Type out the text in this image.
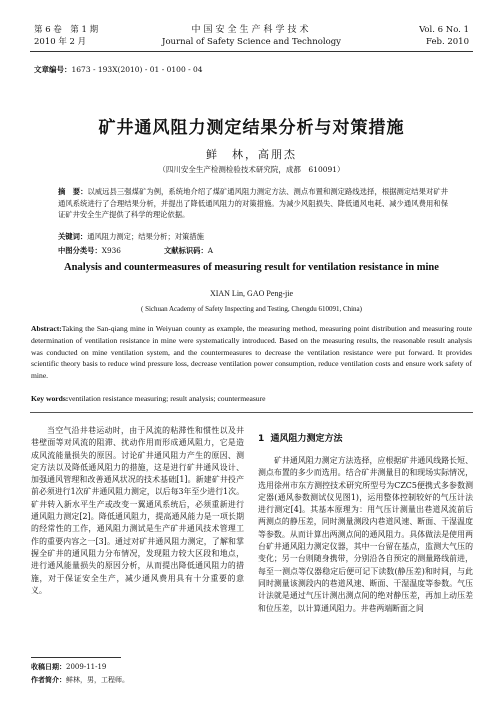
第 6 卷　第 1 期
2010 年 2 月
中国安全生产科学技术
Journal of Safety Science and Technology
Vol. 6 No. 1
Feb. 2010
文章编号：1673 - 193X(2010) - 01 - 0100 - 04
矿井通风阻力测定结果分析与对策措施
鲜　林，高朋杰
（四川安全生产检测检验技术研究院，成都　610091）
摘　要：以威远县三强煤矿为例，系统地介绍了煤矿通风阻力测定方法、测点布置和测定路线选择，根据测定结果对矿井通风系统进行了合理结果分析，并提出了降低通风阻力的对策措施。为减少风阻损失、降低通风电耗、减少通风费用和保证矿井安全生产提供了科学的理论依据。
关键词：通风阻力测定；结果分析；对策措施
中图分类号：X936	文献标识码：A
Analysis and countermeasures of measuring result for ventilation resistance in mine
XIAN Lin, GAO Peng-jie
( Sichuan Academy of Safety Inspecting and Testing, Chengdu 610091, China)
Abstract:Taking the San-qiang mine in Weiyuan county as example, the measuring method, measuring point distribution and measuring route determination of ventilation resistance in mine were systematically introduced. Based on the measuring results, the reasonable result analysis was conducted on mine ventilation system, and the countermeasures to decrease the ventilation resistance were put forward. It provides scientific theory basis to reduce wind pressure loss, decrease ventilation power consumption, reduce ventilation costs and ensure work safety of mine.
Key words:ventilation resistance measuring; result analysis; countermeasure
当空气沿井巷运动时，由于风流的粘滞性和惯性以及井巷壁面等对风流的阻滞、扰动作用而形成通风阻力，它是造成风流能量损失的原因。讨论矿井通风阻力产生的原因、测定方法以及降低通风阻力的措施，这是进行矿井通风设计、加强通风管理和改善通风状况的技术基础[1]。新建矿井投产前必须进行1次矿井通风阻力测定，以后每3年至少进行1次。矿井转入新水平生产或改变一翼通风系统后，必须重新进行通风阻力测定[2]。降低通风阻力，提高通风能力是一项长期的经常性的工作，通风阻力测试是生产矿井通风技术管理工作的重要内容之一[3]。通过对矿井通风阻力测定，了解和掌握全矿井的通风阻力分布情况，发现阻力较大区段和地点，进行通风能量损失的原因分析，从而提出降低通风阻力的措施，对于保证安全生产，减少通风费用具有十分重要的意义。
1 通风阻力测定方法
矿井通风阻力测定方法选择，应根据矿井通风线路长短、测点布置的多少而选用。结合矿井测量目的和现场实际情况，选用徐州市东方测控技术研究所型号为CZC5便携式多参数测定器(通风参数测试仪见图1)，运用整体控制较好的气压计法进行测定[4]。其基本原理为：用气压计测量出巷道风流前后两测点的静压差，同时测量测段内巷道风速、断面、干湿温度等参数。从而计算出两测点间的通风阻力。具体做法是使用两台矿井通风阻力测定仪器，其中一台留在基点，监测大气压的变化；另一台则随身携带，分别沿各自预定的测量路线前进，每至一测点等仪器稳定后便可记下读数(静压差)和时间，与此同时测量该测段内的巷道风速、断面、干湿温度等参数。气压计法就是通过气压计测出测点间的绝对静压差，再加上动压差和位压差，以计算通风阻力。井巷两端断面之间
收稿日期：2009-11-19
作者简介：鲜林，男，工程师。
